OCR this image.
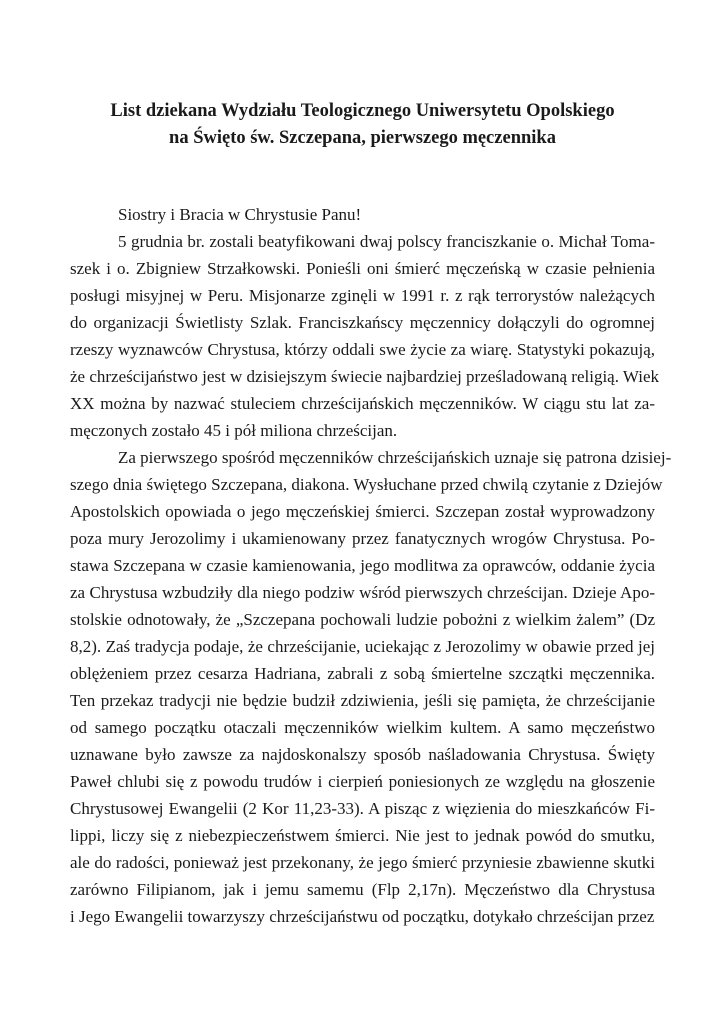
List dziekana Wydziału Teologicznego Uniwersytetu Opolskiego
na Święto św. Szczepana, pierwszego męczennika
Siostry i Bracia w Chrystusie Panu!
5 grudnia br. zostali beatyfikowani dwaj polscy franciszkanie o. Michał Toma-
szek i o. Zbigniew Strzałkowski. Ponieśli oni śmierć męczeńską w czasie pełnienia
posługi misyjnej w Peru. Misjonarze zginęli w 1991 r. z rąk terrorystów należących
do organizacji Świetlisty Szlak. Franciszkańscy męczennicy dołączyli do ogromnej
rzeszy wyznawców Chrystusa, którzy oddali swe życie za wiarę. Statystyki pokazują,
że chrześcijaństwo jest w dzisiejszym świecie najbardziej prześladowaną religią. Wiek
XX można by nazwać stuleciem chrześcijańskich męczenników. W ciągu stu lat za-
męczonych zostało 45 i pół miliona chrześcijan.
Za pierwszego spośród męczenników chrześcijańskich uznaje się patrona dzisiej-
szego dnia świętego Szczepana, diakona. Wysłuchane przed chwilą czytanie z Dziejów
Apostolskich opowiada o jego męczeńskiej śmierci. Szczepan został wyprowadzony
poza mury Jerozolimy i ukamienowany przez fanatycznych wrogów Chrystusa. Po-
stawa Szczepana w czasie kamienowania, jego modlitwa za oprawców, oddanie życia
za Chrystusa wzbudziły dla niego podziw wśród pierwszych chrześcijan. Dzieje Apo-
stolskie odnotowały, że „Szczepana pochowali ludzie pobożni z wielkim żalem” (Dz
8,2). Zaś tradycja podaje, że chrześcijanie, uciekając z Jerozolimy w obawie przed jej
oblężeniem przez cesarza Hadriana, zabrali z sobą śmiertelne szczątki męczennika.
Ten przekaz tradycji nie będzie budził zdziwienia, jeśli się pamięta, że chrześcijanie
od samego początku otaczali męczenników wielkim kultem. A samo męczeństwo
uznawane było zawsze za najdoskonalszy sposób naśladowania Chrystusa. Święty
Paweł chlubi się z powodu trudów i cierpień poniesionych ze względu na głoszenie
Chrystusowej Ewangelii (2 Kor 11,23-33). A pisząc z więzienia do mieszkańców Fi-
lippi, liczy się z niebezpieczeństwem śmierci. Nie jest to jednak powód do smutku,
ale do radości, ponieważ jest przekonany, że jego śmierć przyniesie zbawienne skutki
zarówno Filipianom, jak i jemu samemu (Flp 2,17n). Męczeństwo dla Chrystusa
i Jego Ewangelii towarzyszy chrześcijaństwu od początku, dotykało chrześcijan przez
